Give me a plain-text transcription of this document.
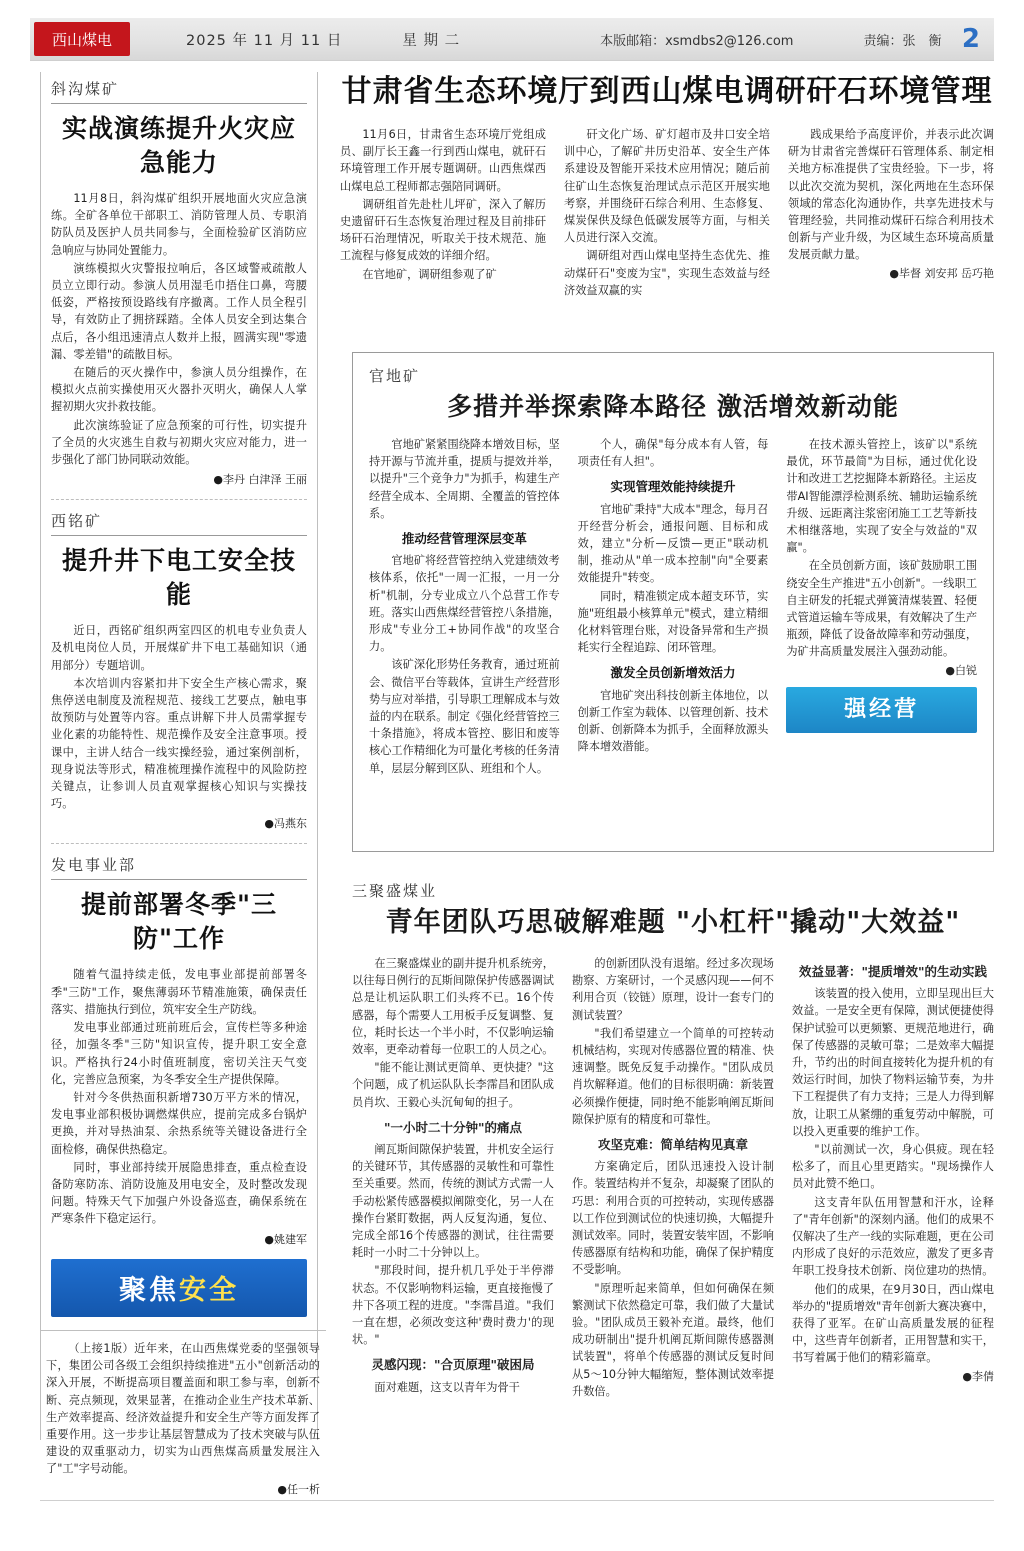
西山煤电	2025 年 11 月 11 日	星 期 二	本版邮箱：xsmdbs2@126.com	责编：张　衡 2
斜沟煤矿
实战演练提升火灾应急能力

11月8日，斜沟煤矿组织开展地面火灾应急演练。全矿各单位干部职工、消防管理人员、专职消防队员及医护人员共同参与，全面检验矿区消防应急响应与协同处置能力。

演练模拟火灾警报拉响后，各区域警戒疏散人员立立即行动。参演人员用湿毛巾捂住口鼻，弯腰低姿，严格按预设路线有序撤离。工作人员全程引导，有效防止了拥挤踩踏。全体人员安全到达集合点后，各小组迅速清点人数并上报，圆满实现"零遗漏、零差错"的疏散目标。

在随后的灭火操作中，参演人员分组操作，在模拟火点前实操使用灭火器扑灭明火，确保人人掌握初期火灾扑救技能。

此次演练验证了应急预案的可行性，切实提升了全员的火灾逃生自救与初期火灾应对能力，进一步强化了部门协同联动效能。

●李丹 白津泽 王丽
西铭矿
提升井下电工安全技能

近日，西铭矿组织两室四区的机电专业负责人及机电岗位人员，开展煤矿井下电工基础知识（通用部分）专题培训。

本次培训内容紧扣井下安全生产核心需求，聚焦停送电制度及流程规范、接线工艺要点，触电事故预防与处置等内容。重点讲解下井人员需掌握专业化素的功能特性、规范操作及安全注意事项。授课中，主讲人结合一线实操经验，通过案例剖析，现身说法等形式，精准梳理操作流程中的风险防控关键点，让参训人员直观掌握核心知识与实操技巧。

●冯燕东
发电事业部
提前部署冬季"三防"工作

随着气温持续走低，发电事业部提前部署冬季"三防"工作，聚焦薄弱环节精准施策，确保责任落实、措施执行到位，筑牢安全生产防线。

发电事业部通过班前班后会，宣传栏等多种途径，加强冬季"三防"知识宣传，提升职工安全意识。严格执行24小时值班制度，密切关注天气变化，完善应急预案，为冬季安全生产提供保障。

针对今冬供热面积新增730万平方米的情况，发电事业部积极协调燃煤供应，提前完成多台锅炉更换，并对导热油泵、余热系统等关键设备进行全面检修，确保供热稳定。

同时，事业部持续开展隐患排查，重点检查设备防寒防冻、消防设施及用电安全，及时整改发现问题。特殊天气下加强户外设备巡查，确保系统在严寒条件下稳定运行。

●姚建军
聚焦 安全
甘肃省生态环境厅到西山煤电调研矸石环境管理

11月6日，甘肃省生态环境厅党组成员、副厅长王鑫一行到西山煤电，就矸石环境管理工作开展专题调研。山西焦煤西山煤电总工程师都志强陪同调研。

调研组首先赴杜儿坪矿，深入了解历史遗留矸石生态恢复治理过程及目前排矸场矸石治理情况，听取关于技术规范、施工流程与修复成效的详细介绍。

在官地矿，调研组参观了矿

矸文化广场、矿灯超市及井口安全培训中心，了解矿井历史沿革、安全生产体系建设及智能开采技术应用情况；随后前往矿山生态恢复治理试点示范区开展实地考察，并围绕矸石综合利用、生态修复、煤炭保供及绿色低碳发展等方面，与相关人员进行深入交流。

调研组对西山煤电坚持生态优先、推动煤矸石"变废为宝"，实现生态效益与经济效益双赢的实

践成果给予高度评价，并表示此次调研为甘肃省完善煤矸石管理体系、制定相关地方标准提供了宝贵经验。下一步，将以此次交流为契机，深化两地在生态环保领域的常态化沟通协作，共享先进技术与管理经验，共同推动煤矸石综合利用技术创新与产业升级，为区域生态环境高质量发展贡献力量。

●毕督 刘安邦 岳巧艳

官地矿
多措并举探索降本路径 激活增效新动能

官地矿紧紧围绕降本增效目标，坚持开源与节流并重，提质与提效并举，以提升"三个竞争力"为抓手，构建生产经营全成本、全周期、全覆盖的管控体系。

推动经营管理深层变革

官地矿将经营管控纳入党建绩效考核体系，依托"一周一汇报，一月一分析"机制，分专业成立八个总营工作专班。落实山西焦煤经营管控八条措施，形成"专业分工+协同作战"的攻坚合力。

该矿深化形势任务教育，通过班前会、微信平台等载体，宣讲生产经营形势与应对举措，引导职工理解成本与效益的内在联系。制定《强化经营管控三十条措施》，将成本管控、膨旧和废等核心工作精细化为可量化考核的任务清单，层层分解到区队、班组和个人。

个人，确保"每分成本有人管，每项责任有人担"。

实现管理效能持续提升

官地矿秉持"大成本"理念，每月召开经营分析会，通报问题、目标和成效，建立"分析—反馈—更正"联动机制，推动从"单一成本控制"向"全要素效能提升"转变。

同时，精准锁定成本超支环节，实施"班组最小核算单元"模式，建立精细化材料管理台账，对设备异常和生产损耗实行全程追踪、闭环管理。

激发全员创新增效活力

官地矿突出科技创新主体地位，以创新工作室为载体、以管理创新、技术创新、创新降本为抓手，全面释放源头降本增效潜能。

在技术源头管控上，该矿以"系统最优，环节最简"为目标，通过优化设计和改进工艺挖掘降本新路径。主运皮带AI智能漂浮检测系统、辅助运输系统升级、远距离注浆密闭施工工艺等新技术相继落地，实现了安全与效益的"双赢"。

在全员创新方面，该矿鼓励职工围绕安全生产推进"五小创新"。一线职工自主研发的托辊式弹簧清煤装置、轻便式管道运输车等成果，有效解决了生产瓶颈，降低了设备故障率和劳动强度，为矿井高质量发展注入强劲动能。

●白锐

强经营
三聚盛煤业
青年团队巧思破解难题 "小杠杆"撬动"大效益"

在三聚盛煤业的副井提升机系统旁，以往每日例行的瓦斯间隙保护传感器调试总是让机运队职工们头疼不已。16个传感器，每个需要人工用板手反复调整、复位，耗时长达一个半小时，不仅影响运输效率，更牵动着每一位职工的人员之心。

"能不能让测试更简单、更快捷？"这个问题，成了机运队队长李霈昌和团队成员肖坎、王毅心头沉甸甸的担子。

"一小时二十分钟"的痛点

阐瓦斯间隙保护装置，井机安全运行的关键环节，其传感器的灵敏性和可靠性至关重要。然而，传统的测试方式需一人手动松紧传感器模拟阐隙变化，另一人在操作台紧盯数据，两人反复沟通，复位、完成全部16个传感器的测试，往往需要耗时一小时二十分钟以上。

"那段时间，提升机几乎处于半停滞状态。不仅影响物料运输，更直接拖慢了井下各项工程的进度。"李霈昌道。"我们一直在想，必须改变这种'费时费力'的现状。"

灵感闪现："合页原理"破困局

面对难题，这支以青年为骨干

的创新团队没有退缩。经过多次现场勘察、方案研讨，一个灵感闪现——何不利用合页（铰链）原理，设计一套专门的测试装置？

"我们希望建立一个简单的可控转动机械结构，实现对传感器位置的精准、快速调整。既免反复手动操作。"团队成员肖坎解释道。他们的目标很明确：新装置必须操作便捷，同时绝不能影响阐瓦斯间隙保护原有的精度和可靠性。

攻坚克难：简单结构见真章

方案确定后，团队迅速投入设计制作。装置结构并不复杂，却凝聚了团队的巧思：利用合页的可控转动，实现传感器以工作位到测试位的快速切换，大幅提升测试效率。同时，装置安装牢固，不影响传感器原有结构和功能，确保了保护精度不受影响。

"原理听起来简单，但如何确保在频繁测试下依然稳定可靠，我们做了大量试验。"团队成员王毅补充道。最终，他们成功研制出"提升机阐瓦斯间隙传感器测试装置"，将单个传感器的测试反复时间从5～10分钟大幅缩短，整体测试效率提升数倍。

效益显著："提质增效"的生动实践

该装置的投入使用，立即呈现出巨大效益。一是安全更有保障，测试便捷使得保护试验可以更频繁、更规范地进行，确保了传感器的灵敏可靠；二是效率大幅提升，节约出的时间直接转化为提升机的有效运行时间，加快了物料运输节奏，为井下工程提供了有力支持；三是人力得到解放，让职工从紧绷的重复劳动中解脱，可以投入更重要的维护工作。

"以前测试一次，身心俱疲。现在轻松多了，而且心里更踏实。"现场操作人员对此赞不绝口。

这支青年队伍用智慧和汗水，诠释了"青年创新"的深刻内涵。他们的成果不仅解决了生产一线的实际难题，更在公司内形成了良好的示范效应，激发了更多青年职工投身技术创新、岗位建功的热情。

他们的成果，在9月30日，西山煤电举办的"提质增效"青年创新大赛决赛中，获得了亚军。在矿山高质量发展的征程中，这些青年创新者，正用智慧和实干，书写着属于他们的精彩篇章。

●李倩

（上接1版）近年来，在山西焦煤党委的坚强领导下，集团公司各级工会组织持续推进"五小"创新活动的深入开展，不断提高项目覆盖面和职工参与率，创新不断、亮点频现，效果显著，在推动企业生产技术革新、生产效率提高、经济效益提升和安全生产等方面发挥了重要作用。这一步步让基层智慧成为了技术突破与队伍建设的双重驱动力，切实为山西焦煤高质量发展注入了"工"字号动能。

●任一析
